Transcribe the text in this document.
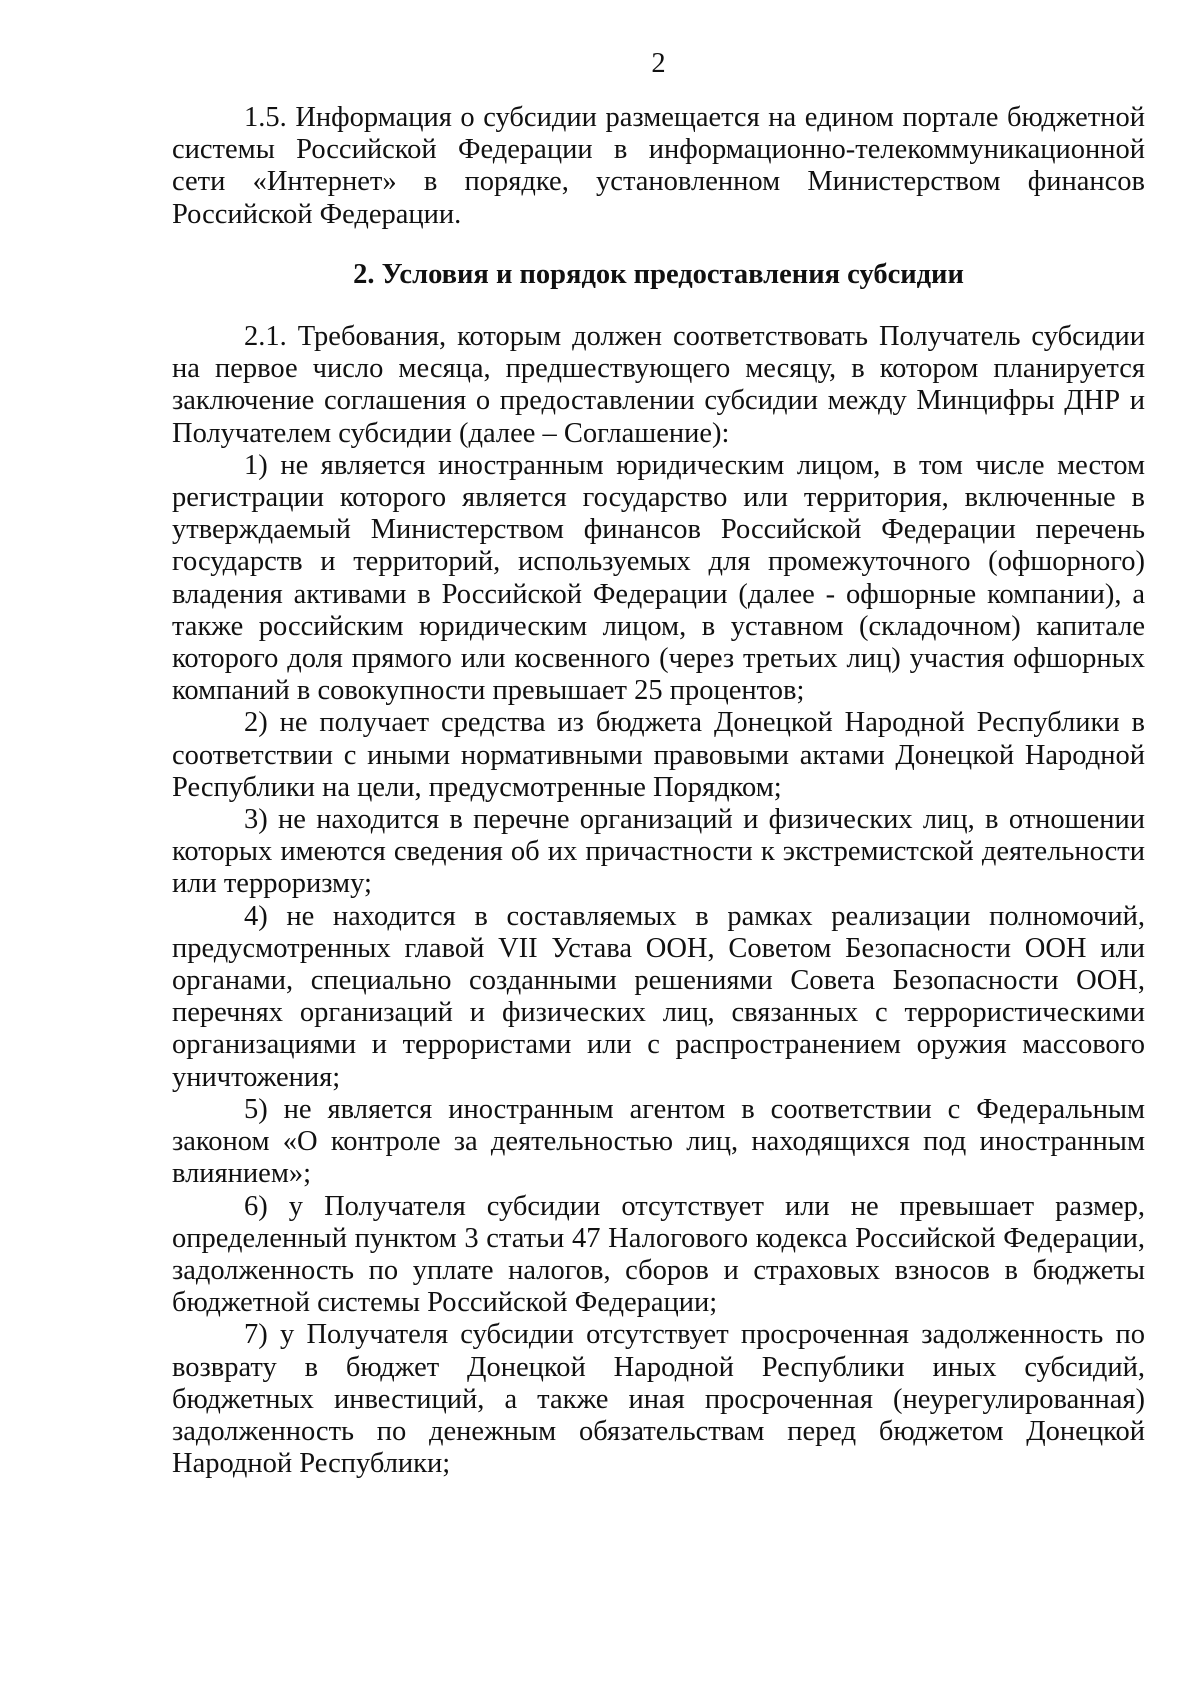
2

1.5. Информация о субсидии размещается на едином портале бюджетной системы Российской Федерации в информационно-телекоммуникационной сети «Интернет» в порядке, установленном Министерством финансов Российской Федерации.

2. Условия и порядок предоставления субсидии

2.1. Требования, которым должен соответствовать Получатель субсидии на первое число месяца, предшествующего месяцу, в котором планируется заключение соглашения о предоставлении субсидии между Минцифры ДНР и Получателем субсидии (далее – Соглашение):

1) не является иностранным юридическим лицом, в том числе местом регистрации которого является государство или территория, включенные в утверждаемый Министерством финансов Российской Федерации перечень государств и территорий, используемых для промежуточного (офшорного) владения активами в Российской Федерации (далее - офшорные компании), а также российским юридическим лицом, в уставном (складочном) капитале которого доля прямого или косвенного (через третьих лиц) участия офшорных компаний в совокупности превышает 25 процентов;

2) не получает средства из бюджета Донецкой Народной Республики в соответствии с иными нормативными правовыми актами Донецкой Народной Республики на цели, предусмотренные Порядком;

3) не находится в перечне организаций и физических лиц, в отношении которых имеются сведения об их причастности к экстремистской деятельности или терроризму;

4) не находится в составляемых в рамках реализации полномочий, предусмотренных главой VII Устава ООН, Советом Безопасности ООН или органами, специально созданными решениями Совета Безопасности ООН, перечнях организаций и физических лиц, связанных с террористическими организациями и террористами или с распространением оружия массового уничтожения;

5) не является иностранным агентом в соответствии с Федеральным законом «О контроле за деятельностью лиц, находящихся под иностранным влиянием»;

6) у Получателя субсидии отсутствует или не превышает размер, определенный пунктом 3 статьи 47 Налогового кодекса Российской Федерации, задолженность по уплате налогов, сборов и страховых взносов в бюджеты бюджетной системы Российской Федерации;

7) у Получателя субсидии отсутствует просроченная задолженность по возврату в бюджет Донецкой Народной Республики иных субсидий, бюджетных инвестиций, а также иная просроченная (неурегулированная) задолженность по денежным обязательствам перед бюджетом Донецкой Народной Республики;
